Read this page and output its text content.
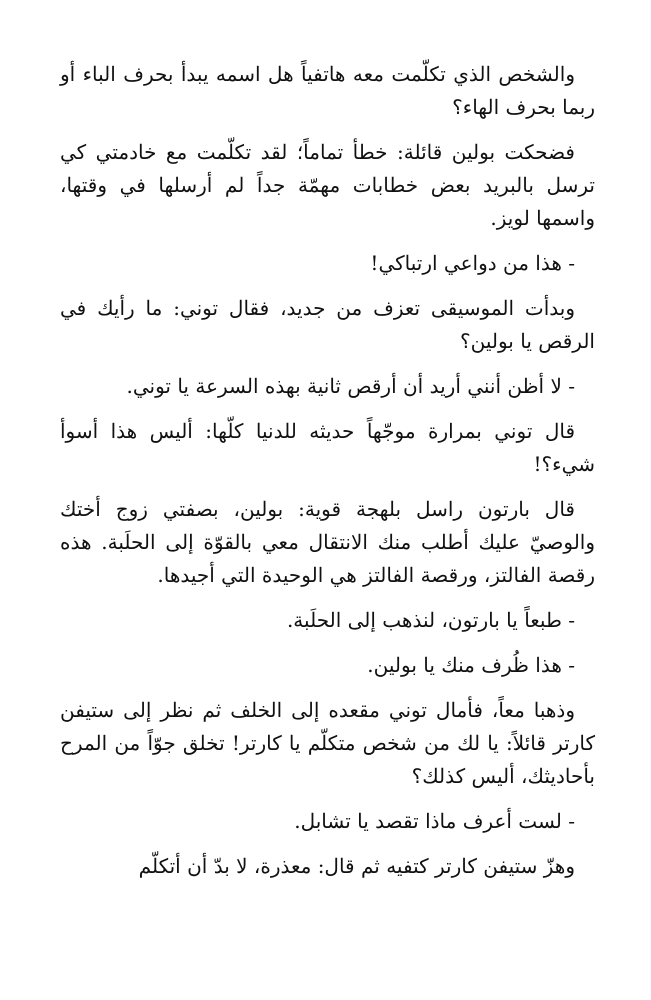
والشخص الذي تكلّمت معه هاتفياً هل اسمه يبدأ بحرف الباء أو ربما بحرف الهاء؟

فضحكت بولين قائلة: خطأ تماماً؛ لقد تكلّمت مع خادمتي كي ترسل بالبريد بعض خطابات مهمّة جداً لم أرسلها في وقتها، واسمها لويز.

- هذا من دواعي ارتباكي!

وبدأت الموسيقى تعزف من جديد، فقال توني: ما رأيك في الرقص يا بولين؟

- لا أظن أنني أريد أن أرقص ثانية بهذه السرعة يا توني.

قال توني بمرارة موجّهاً حديثه للدنيا كلّها: أليس هذا أسوأ شيء؟!

قال بارتون راسل بلهجة قوية: بولين، بصفتي زوج أختك والوصيّ عليك أطلب منك الانتقال معي بالقوّة إلى الحلَبة. هذه رقصة الفالتز، ورقصة الفالتز هي الوحيدة التي أجيدها.

- طبعاً يا بارتون، لنذهب إلى الحلَبة.

- هذا ظُرف منك يا بولين.

وذهبا معاً، فأمال توني مقعده إلى الخلف ثم نظر إلى ستيفن كارتر قائلاً: يا لك من شخص متكلّم يا كارتر! تخلق جوّاً من المرح بأحاديثك، أليس كذلك؟

- لست أعرف ماذا تقصد يا تشابل.

وهزّ ستيفن كارتر كتفيه ثم قال: معذرة، لا بدّ أن أتكلّم
